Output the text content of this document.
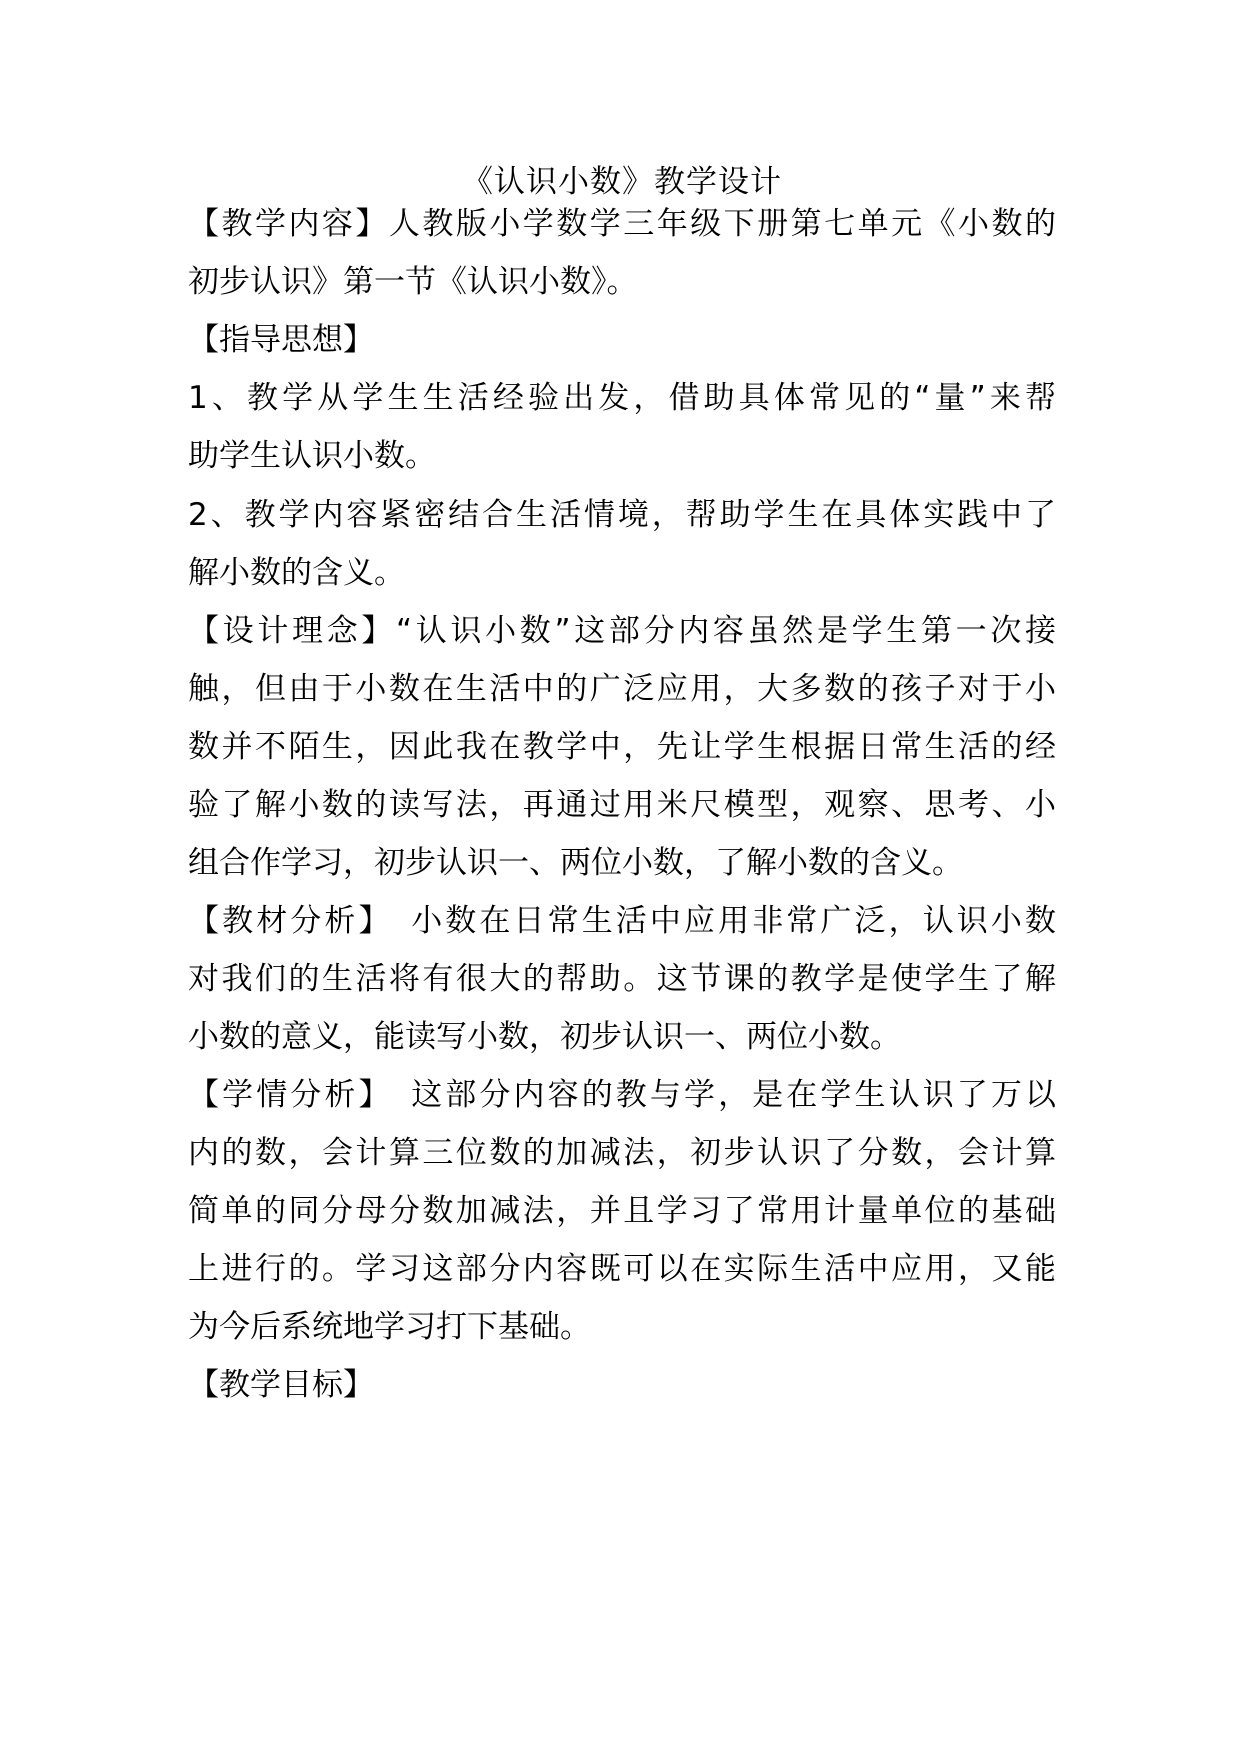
《认识小数》教学设计
【教学内容】人教版小学数学三年级下册第七单元《小数的
初步认识》第一节《认识小数》。
【指导思想】
1、教学从学生生活经验出发，借助具体常见的“量”来帮
助学生认识小数。
2、教学内容紧密结合生活情境，帮助学生在具体实践中了
解小数的含义。
【设计理念】“认识小数”这部分内容虽然是学生第一次接
触，但由于小数在生活中的广泛应用，大多数的孩子对于小
数并不陌生，因此我在教学中，先让学生根据日常生活的经
验了解小数的读写法，再通过用米尺模型，观察、思考、小
组合作学习，初步认识一、两位小数，了解小数的含义。
【教材分析】　小数在日常生活中应用非常广泛，认识小数
对我们的生活将有很大的帮助。这节课的教学是使学生了解
小数的意义，能读写小数，初步认识一、两位小数。
【学情分析】　这部分内容的教与学，是在学生认识了万以
内的数，会计算三位数的加减法，初步认识了分数，会计算
简单的同分母分数加减法，并且学习了常用计量单位的基础
上进行的。学习这部分内容既可以在实际生活中应用，又能
为今后系统地学习打下基础。
【教学目标】
